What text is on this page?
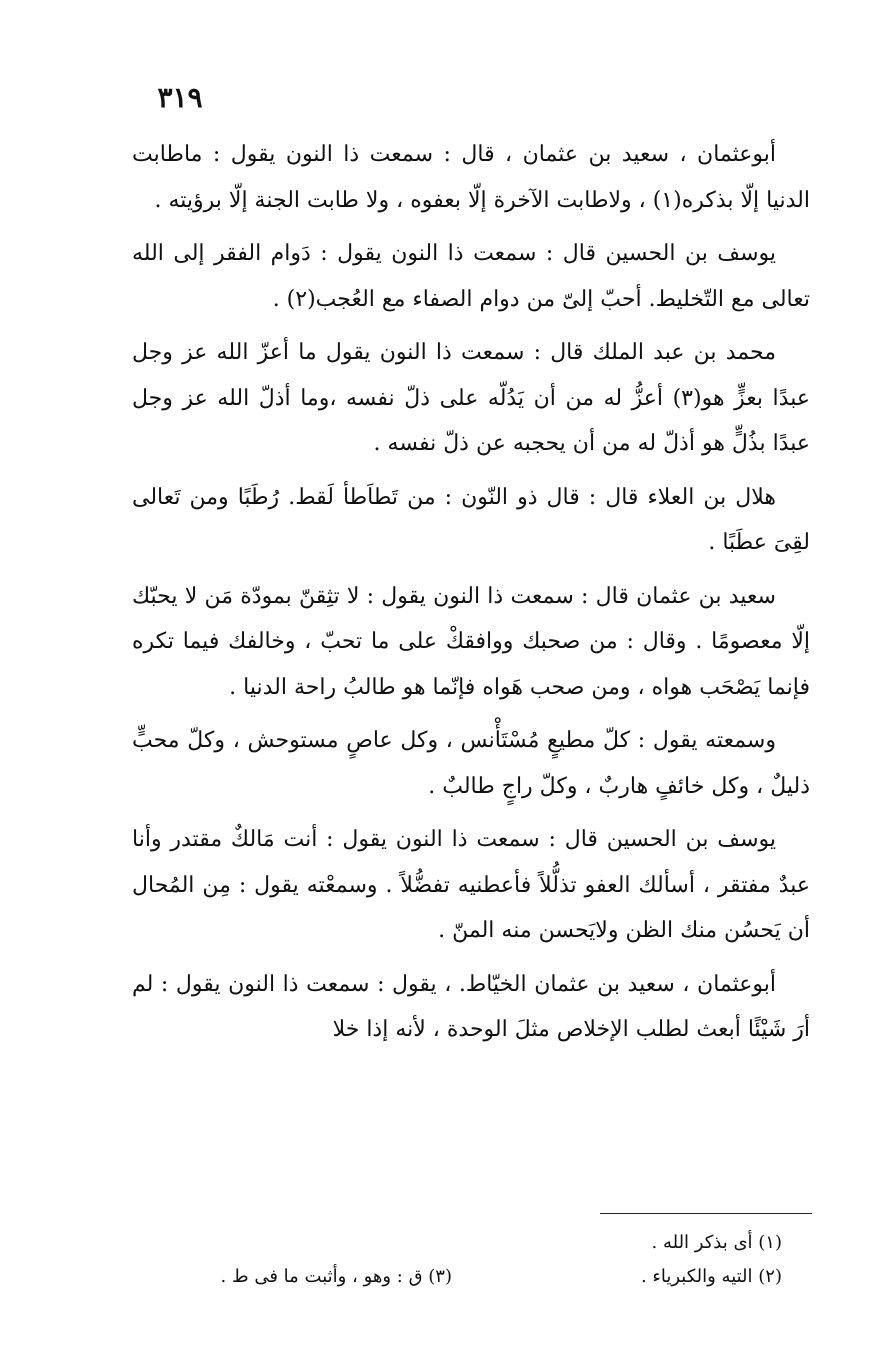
٣١٩

أبوعثمان ، سعيد بن عثمان ، قال : سمعت ذا النون يقول : ماطابت الدنيا إلّا بذكره(١) ، ولاطابت الآخرة إلّا بعفوه ، ولا طابت الجنة إلّا برؤيته .

يوسف بن الحسين قال : سمعت ذا النون يقول : دَوام الفقر إلى الله تعالى مع التّخليط. أحبّ إلىّ من دوام الصفاء مع العُجب(٢) .

محمد بن عبد الملك قال : سمعت ذا النون يقول ما أعزّ الله عز وجل عبدًا بعزٍّ هو(٣) أعزُّ له من أن يَدُلّه على ذلّ نفسه ،وما أذلّ الله عز وجل عبدًا بذُلٍّ هو أذلّ له من أن يحجبه عن ذلّ نفسه .

هلال بن العلاء قال : قال ذو النّون : من تَطاَطأ لَقط. رُطَبًا ومن تَعالى لقِىَ عطَبًا .

سعيد بن عثمان قال : سمعت ذا النون يقول : لا تثِقنّ بمودّة مَن لا يحبّك إلّا معصومًا . وقال : من صحبك ووافقكْ على ما تحبّ ، وخالفك فيما تكره فإنما يَصْحَب هواه ، ومن صحب هَواه فإنّما هو طالبُ راحة الدنيا .

وسمعته يقول : كلّ مطيعٍ مُسْتَأْنس ، وكل عاصٍ مستوحش ، وكلّ محبٍّ ذليلٌ ، وكل خائفٍ هاربٌ ، وكلّ راجٍ طالبٌ .

يوسف بن الحسين قال : سمعت ذا النون يقول : أنت مَالكٌ مقتدر وأنا عبدٌ مفتقر ، أسألك العفو تذلُّلاً فأعطنيه تفضُّلاً . وسمعْته يقول : مِن المُحال أن يَحسُن منك الظن ولايَحسن منه المنّ .

أبوعثمان ، سعيد بن عثمان الخيّاط. ، يقول : سمعت ذا النون يقول : لم أرَ شَيْئًا أبعث لطلب الإخلاص مثلَ الوحدة ، لأنه إذا خلا

(١) أى بذكر الله .
(٢) التيه والكبرياء .
(٣) ق : وهو ، وأثبت ما فى ط .
